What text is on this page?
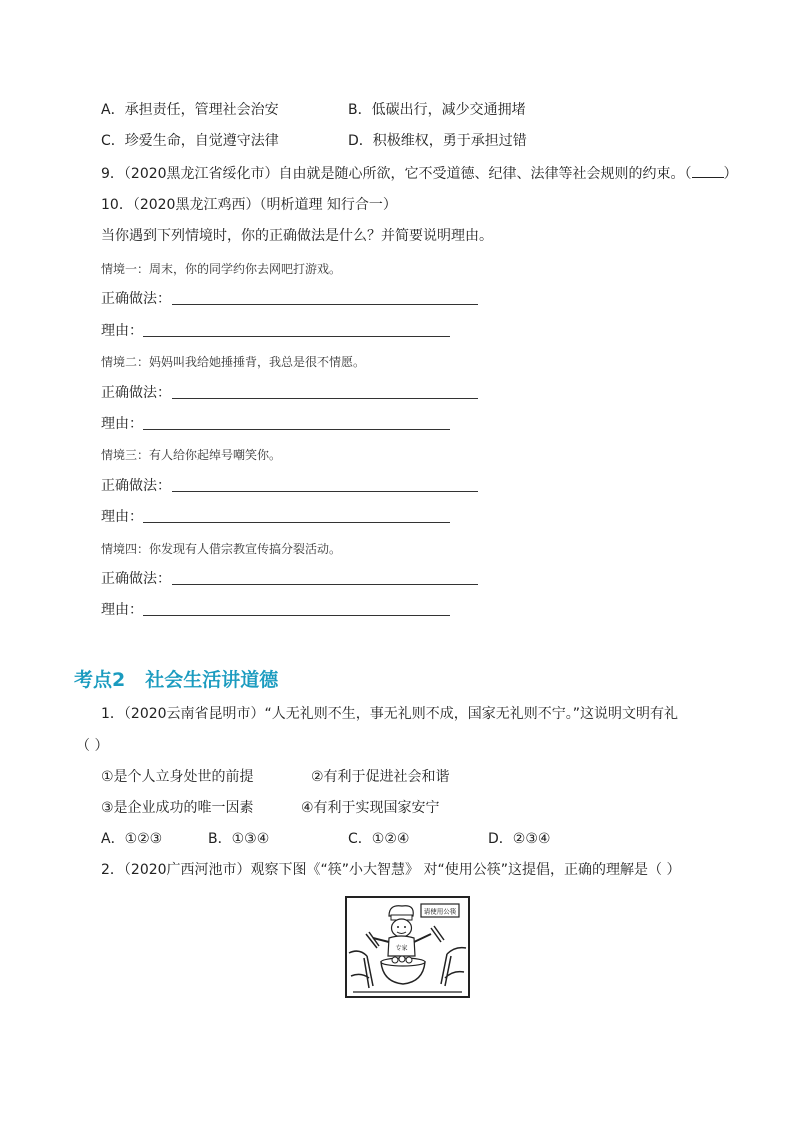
A．承担责任，管理社会治安	B．低碳出行，减少交通拥堵
C．珍爱生命，自觉遵守法律	D．积极维权，勇于承担过错
9．（2020黑龙江省绥化市）自由就是随心所欲，它不受道德、纪律、法律等社会规则的约束。（ ）
10．（2020黑龙江鸡西）（明析道理 知行合一）
当你遇到下列情境时，你的正确做法是什么？并简要说明理由。
情境一：周末，你的同学约你去网吧打游戏。
正确做法：
理由：
情境二：妈妈叫我给她捶捶背，我总是很不情愿。
正确做法：
理由：
情境三：有人给你起绰号嘲笑你。
正确做法：
理由：
情境四：你发现有人借宗教宣传搞分裂活动。
正确做法：
理由：
考点2 社会生活讲道德
1．（2020云南省昆明市）“人无礼则不生，事无礼则不成，国家无礼则不宁。”这说明文明有礼
（ ）
①是个人立身处世的前提	②有利于促进社会和谐
③是企业成功的唯一因素	④有利于实现国家安宁
A．①②③	B．①③④	C．①②④	D．②③④
2．（2020广西河池市）观察下图《“筷”小大智慧》 对“使用公筷”这提倡，正确的理解是（ ）
请使用公筷
专家
